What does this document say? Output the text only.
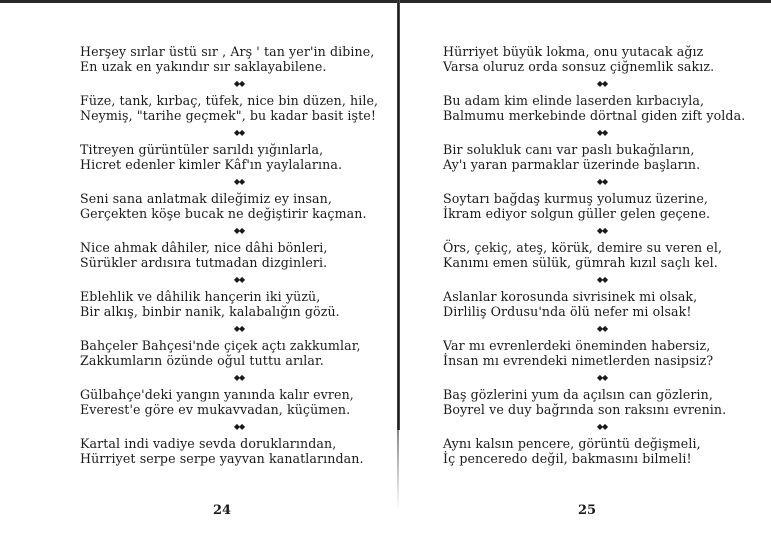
Herşey sırlar üstü sır , Arş ' tan yer'in dibine,
En uzak en yakındır sır saklayabilene.
◆◆
Füze, tank, kırbaç, tüfek, nice bin düzen, hile,
Neymiş, "tarihe geçmek", bu kadar basit işte!
◆◆
Titreyen gürüntüler sarıldı yığınlarla,
Hicret edenler kimler Kâf'ın yaylalarına.
◆◆
Seni sana anlatmak dileğimiz ey insan,
Gerçekten köşe bucak ne değiştirir kaçman.
◆◆
Nice ahmak dâhiler, nice dâhi bönleri,
Sürükler ardısıra tutmadan dizginleri.
◆◆
Eblehlik ve dâhilik hançerin iki yüzü,
Bir alkış, binbir nanik, kalabalığın gözü.
◆◆
Bahçeler Bahçesi'nde çiçek açtı zakkumlar,
Zakkumların özünde oğul tuttu arılar.
◆◆
Gülbahçe'deki yangın yanında kalır evren,
Everest'e göre ev mukavvadan, küçümen.
◆◆
Kartal indi vadiye sevda doruklarından,
Hürriyet serpe serpe yayvan kanatlarından.
Hürriyet büyük lokma, onu yutacak ağız
Varsa oluruz orda sonsuz çiğnemlik sakız.
◆◆
Bu adam kim elinde laserden kırbacıyla,
Balmumu merkebinde dörtnal giden zift yolda.
◆◆
Bir solukluk canı var paslı bukağıların,
Ay'ı yaran parmaklar üzerinde başların.
◆◆
Soytarı bağdaş kurmuş yolumuz üzerine,
İkram ediyor solgun güller gelen geçene.
◆◆
Örs, çekiç, ateş, körük, demire su veren el,
Kanımı emen sülük, gümrah kızıl saçlı kel.
◆◆
Aslanlar korosunda sivrisinek mi olsak,
Dirliliş Ordusu'nda ölü nefer mi olsak!
◆◆
Var mı evrenlerdeki öneminden habersiz,
İnsan mı evrendeki nimetlerden nasipsiz?
◆◆
Baş gözlerini yum da açılsın can gözlerin,
Boyrel ve duy bağrında son raksını evrenin.
◆◆
Aynı kalsın pencere, görüntü değişmeli,
İç penceredo değil, bakmasını bilmeli!
24	25
